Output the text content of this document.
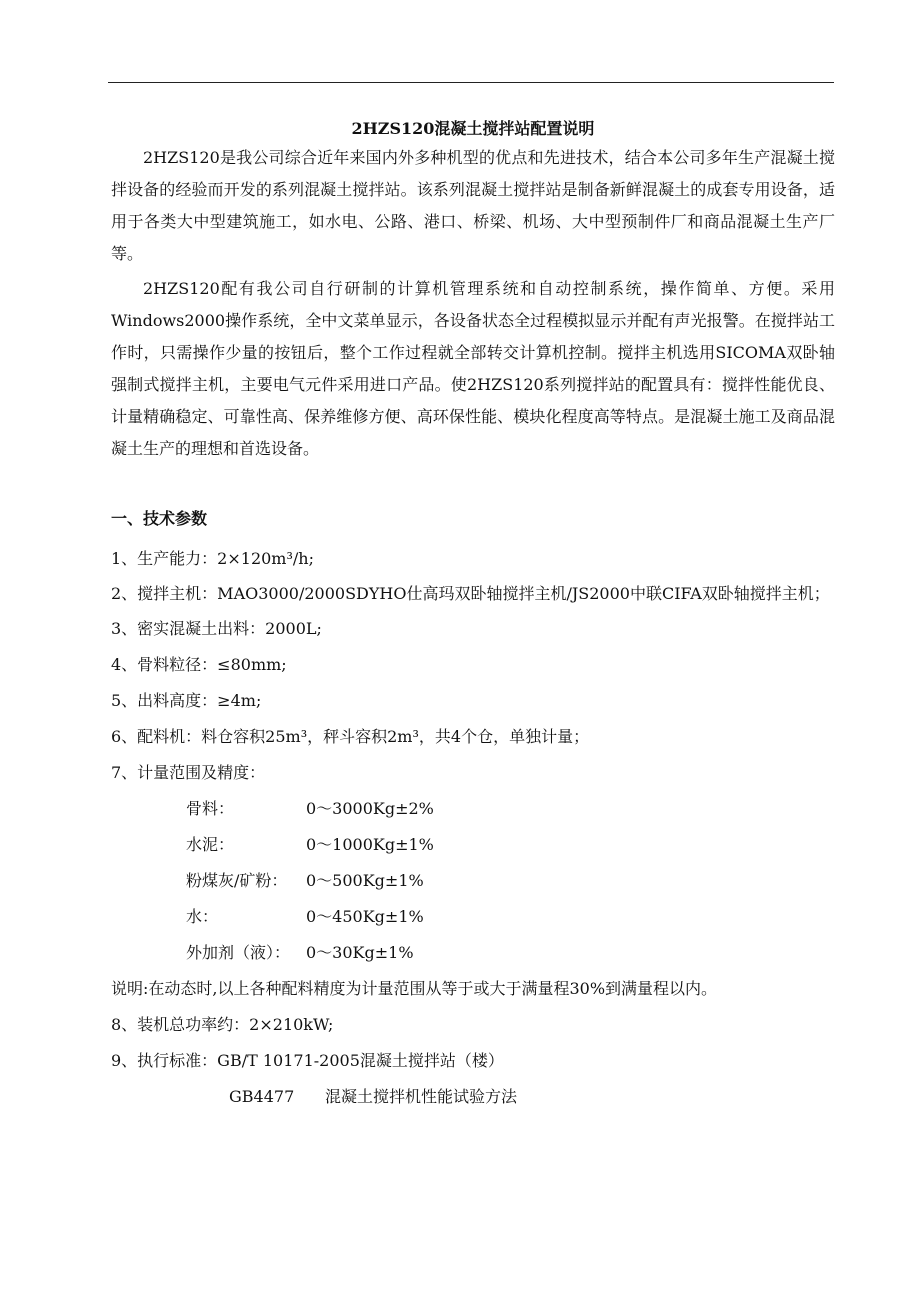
2HZS120混凝土搅拌站配置说明

2HZS120是我公司综合近年来国内外多种机型的优点和先进技术，结合本公司多年生产混凝土搅拌设备的经验而开发的系列混凝土搅拌站。该系列混凝土搅拌站是制备新鲜混凝土的成套专用设备，适用于各类大中型建筑施工，如水电、公路、港口、桥梁、机场、大中型预制件厂和商品混凝土生产厂等。

2HZS120配有我公司自行研制的计算机管理系统和自动控制系统，操作简单、方便。采用Windows2000操作系统，全中文菜单显示，各设备状态全过程模拟显示并配有声光报警。在搅拌站工作时，只需操作少量的按钮后，整个工作过程就全部转交计算机控制。搅拌主机选用SICOMA双卧轴强制式搅拌主机，主要电气元件采用进口产品。使2HZS120系列搅拌站的配置具有：搅拌性能优良、计量精确稳定、可靠性高、保养维修方便、高环保性能、模块化程度高等特点。是混凝土施工及商品混凝土生产的理想和首选设备。

一、技术参数

1、生产能力：2×120m³/h;

2、搅拌主机：MAO3000/2000SDYHO仕高玛双卧轴搅拌主机/JS2000中联CIFA双卧轴搅拌主机；

3、密实混凝土出料：2000L;

4、骨料粒径：≤80mm;

5、出料高度：≥4m;

6、配料机：料仓容积25m³，秤斗容积2m³，共4个仓，单独计量；

7、计量范围及精度：

骨料：	0～3000Kg±2%
水泥：	0～1000Kg±1%
粉煤灰/矿粉：	0～500Kg±1%
水：	0～450Kg±1%
外加剂（液）： 0～30Kg±1%

说明:在动态时,以上各种配料精度为计量范围从等于或大于满量程30%到满量程以内。

8、装机总功率约：2×210kW;

9、执行标准：GB/T 10171-2005混凝土搅拌站（楼）

GB4477	混凝土搅拌机性能试验方法
